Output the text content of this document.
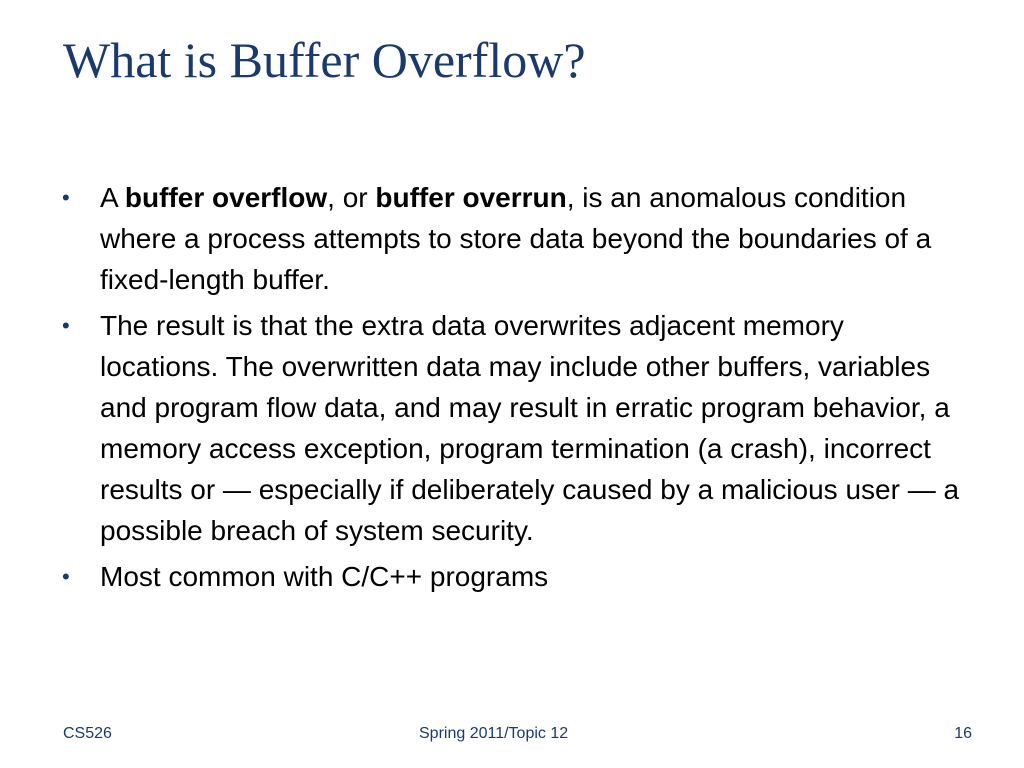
What is Buffer Overflow?
•	A buffer overflow, or buffer overrun, is an anomalous condition where a process attempts to store data beyond the boundaries of a fixed-length buffer.
•	The result is that the extra data overwrites adjacent memory locations. The overwritten data may include other buffers, variables and program flow data, and may result in erratic program behavior, a memory access exception, program termination (a crash), incorrect results or — especially if deliberately caused by a malicious user — a possible breach of system security.
•	Most common with C/C++ programs
CS526	Spring 2011/Topic 12	16
